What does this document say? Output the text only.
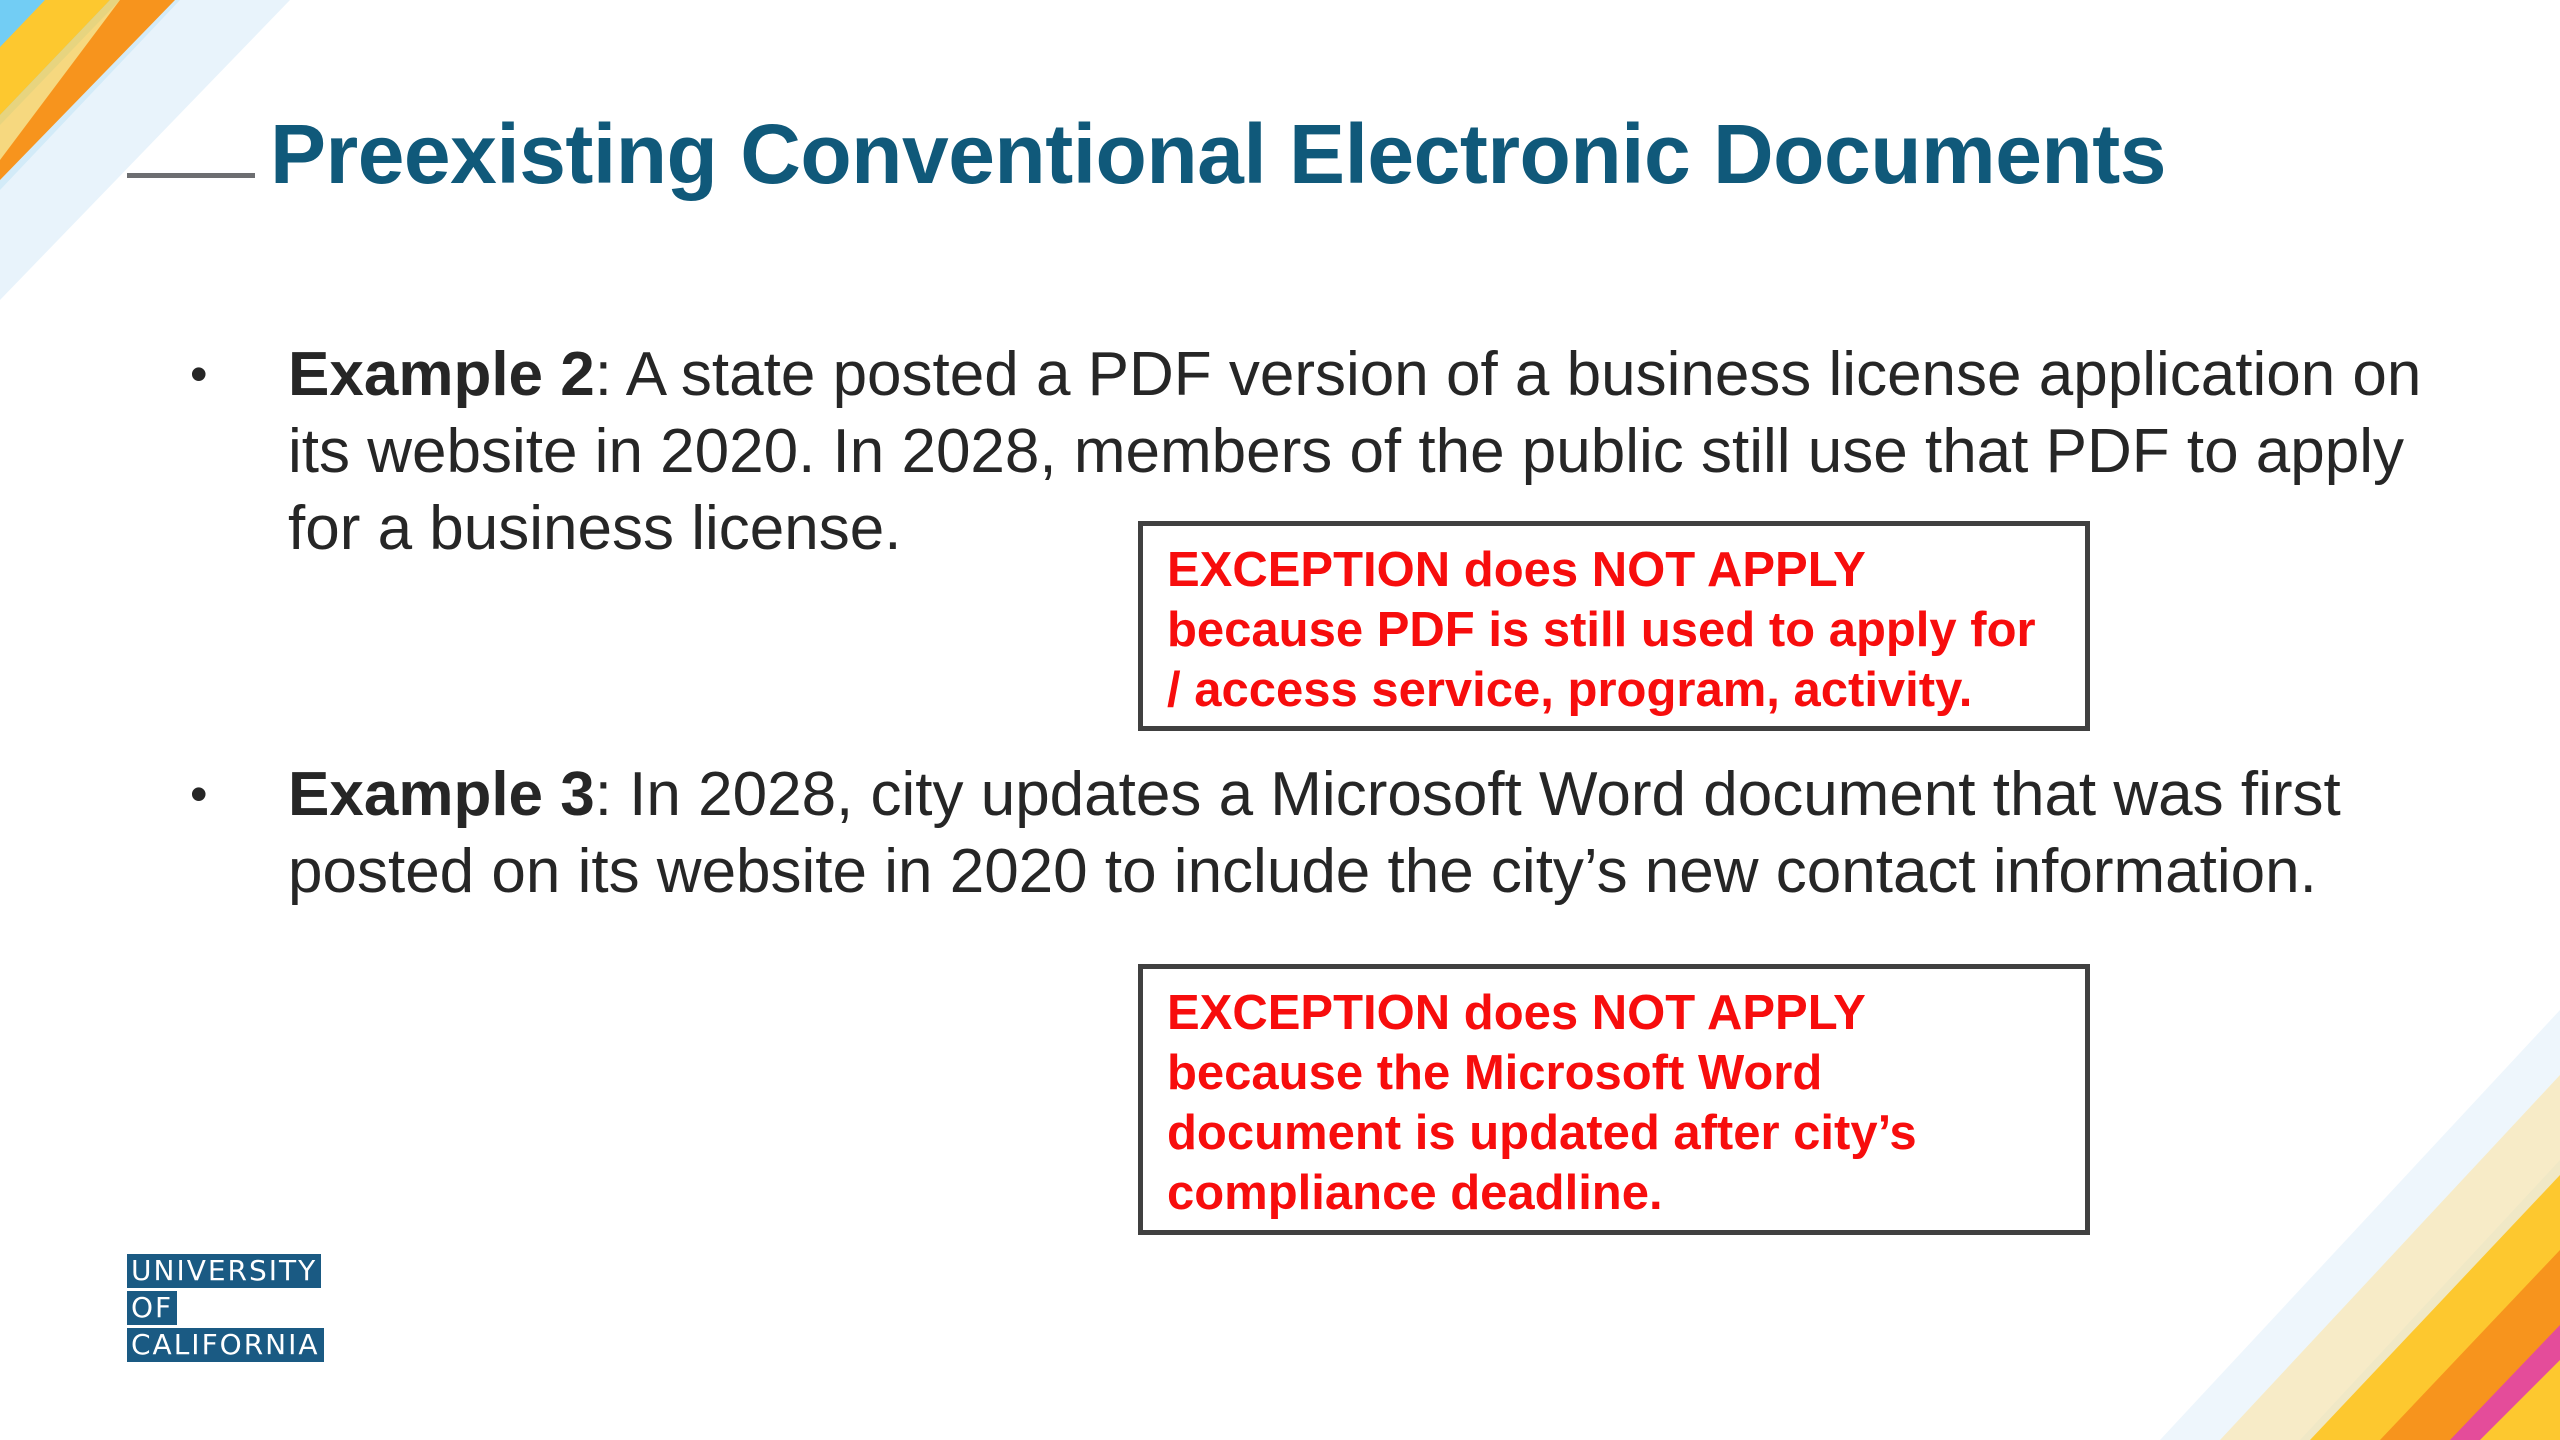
Preexisting Conventional Electronic Documents
•	Example 2: A state posted a PDF version of a business license application on its website in 2020. In 2028, members of the public still use that PDF to apply for a business license.
•	Example 3: In 2028, city updates a Microsoft Word document that was first posted on its website in 2020 to include the city’s new contact information.
EXCEPTION does NOT APPLY
because PDF is still used to apply for
/ access service, program, activity.
EXCEPTION does NOT APPLY
because the Microsoft Word
document is updated after city’s
compliance deadline.
UNIVERSITY
OF
CALIFORNIA
